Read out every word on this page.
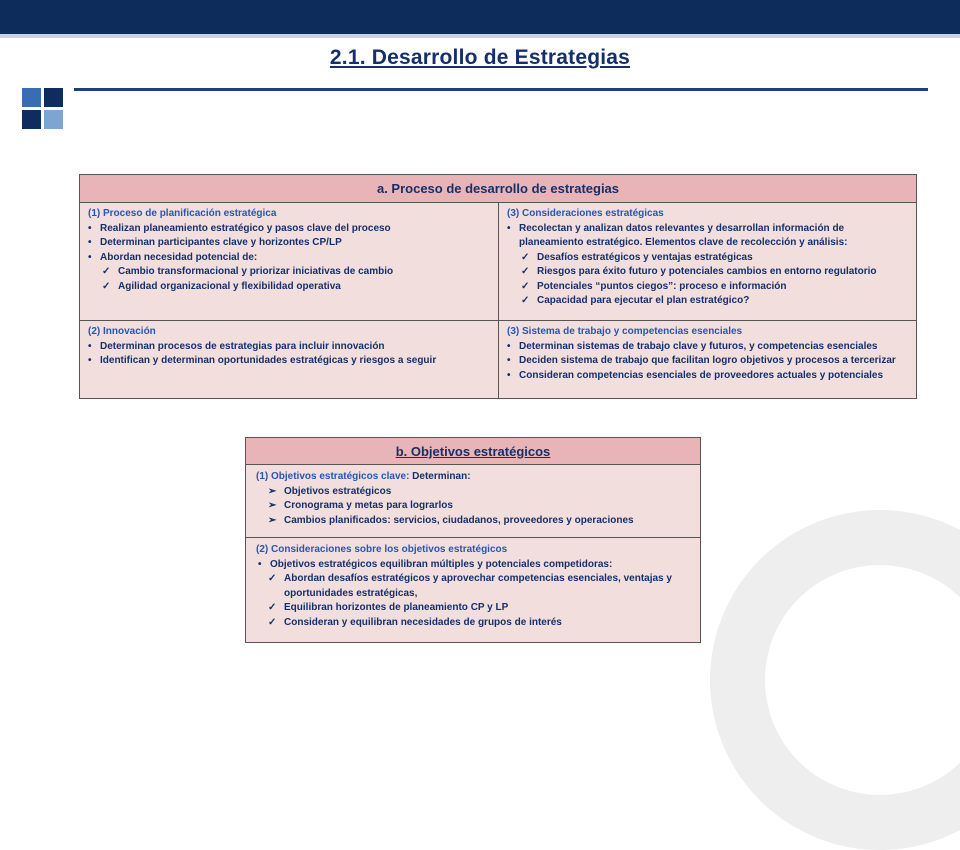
2.1. Desarrollo de Estrategias
a. Proceso de desarrollo de estrategias
(1) Proceso de planificación estratégica
• Realizan planeamiento estratégico y pasos clave del proceso
• Determinan participantes clave y horizontes CP/LP
• Abordan necesidad potencial de:
✓ Cambio transformacional y priorizar iniciativas de cambio
✓ Agilidad organizacional y flexibilidad operativa
(3) Consideraciones estratégicas
• Recolectan y analizan datos relevantes y desarrollan información de planeamiento estratégico. Elementos clave de recolección y análisis:
✓ Desafíos estratégicos y ventajas estratégicas
✓ Riesgos para éxito futuro y potenciales cambios en entorno regulatorio
✓ Potenciales “puntos ciegos”: proceso e información
✓ Capacidad para ejecutar el plan estratégico?
(2) Innovación
• Determinan procesos de estrategias para incluir innovación
• Identifican y determinan oportunidades estratégicas y riesgos a seguir
(3) Sistema de trabajo y competencias esenciales
• Determinan sistemas de trabajo clave y futuros, y competencias esenciales
• Deciden sistema de trabajo que facilitan logro objetivos y procesos a tercerizar
• Consideran competencias esenciales de proveedores actuales y potenciales
b. Objetivos estratégicos
(1) Objetivos estratégicos clave: Determinan:
➢ Objetivos estratégicos
➢ Cronograma y metas para lograrlos
➢ Cambios planificados: servicios, ciudadanos, proveedores y operaciones
(2) Consideraciones sobre los objetivos estratégicos
• Objetivos estratégicos equilibran múltiples y potenciales competidoras:
✓ Abordan desafíos estratégicos y aprovechar competencias esenciales, ventajas y oportunidades estratégicas,
✓ Equilibran horizontes de planeamiento CP y LP
✓ Consideran y equilibran necesidades de grupos de interés
